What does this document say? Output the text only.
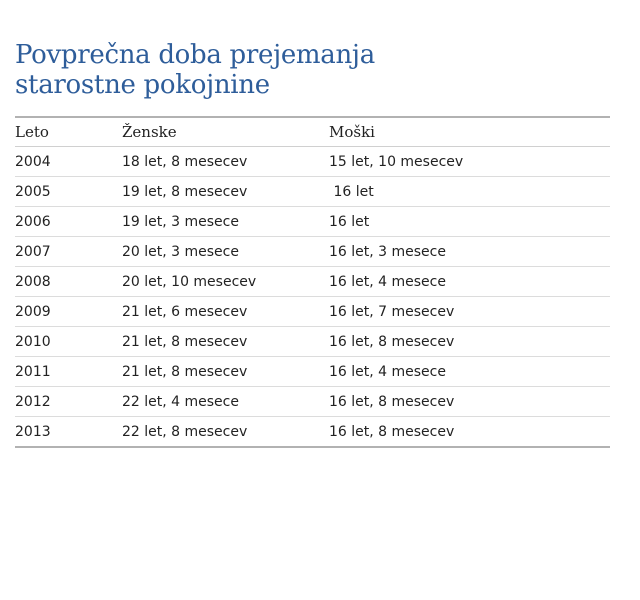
Povprečna doba prejemanja
starostne pokojnine
Leto	Ženske	Moški
2004	18 let, 8 mesecev	15 let, 10 mesecev
2005	19 let, 8 mesecev	16 let
2006	19 let, 3 mesece	16 let
2007	20 let, 3 mesece	16 let, 3 mesece
2008	20 let, 10 mesecev	16 let, 4 mesece
2009	21 let, 6 mesecev	16 let, 7 mesecev
2010	21 let, 8 mesecev	16 let, 8 mesecev
2011	21 let, 8 mesecev	16 let, 4 mesece
2012	22 let, 4 mesece	16 let, 8 mesecev
2013	22 let, 8 mesecev	16 let, 8 mesecev
